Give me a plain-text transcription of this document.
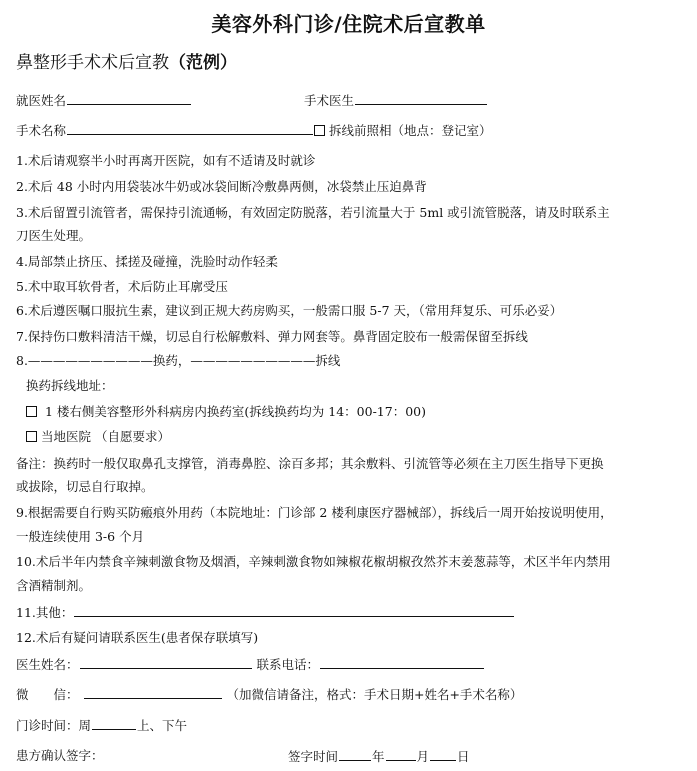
美容外科门诊/住院术后宣教单
鼻整形手术术后宣教（范例）
就医姓名	手术医生
手术名称	拆线前照相（地点：登记室）
1.术后请观察半小时再离开医院，如有不适请及时就诊
2.术后 48 小时内用袋装冰牛奶或冰袋间断冷敷鼻两侧，冰袋禁止压迫鼻背
3.术后留置引流管者，需保持引流通畅，有效固定防脱落，若引流量大于 5ml 或引流管脱落，请及时联系主
刀医生处理。
4.局部禁止挤压、揉搓及碰撞，洗脸时动作轻柔
5.术中取耳软骨者，术后防止耳廓受压
6.术后遵医嘱口服抗生素，建议到正规大药房购买，一般需口服 5-7 天，（常用拜复乐、可乐必妥）
7.保持伤口敷料清洁干燥，切忌自行松解敷料、弹力网套等。鼻背固定胶布一般需保留至拆线
8.——————————换药，——————————拆线
换药拆线地址：
1 楼右侧美容整形外科病房内换药室(拆线换药均为 14：00-17：00)
当地医院 （自愿要求）
备注：换药时一般仅取鼻孔支撑管，消毒鼻腔、涂百多邦；其余敷料、引流管等必须在主刀医生指导下更换
或拔除，切忌自行取掉。
9.根据需要自行购买防瘢痕外用药（本院地址：门诊部 2 楼利康医疗器械部），拆线后一周开始按说明使用，
一般连续使用 3-6 个月
10.术后半年内禁食辛辣刺激食物及烟酒，辛辣刺激食物如辣椒花椒胡椒孜然芥末姜葱蒜等，术区半年内禁用
含酒精制剂。
11.其他：
12.术后有疑问请联系医生(患者保存联填写)
医生姓名：	联系电话：
微　　信：	（加微信请备注，格式：手术日期+姓名+手术名称）
门诊时间：周	上、下午
患方确认签字：	签字时间	年	月 日
